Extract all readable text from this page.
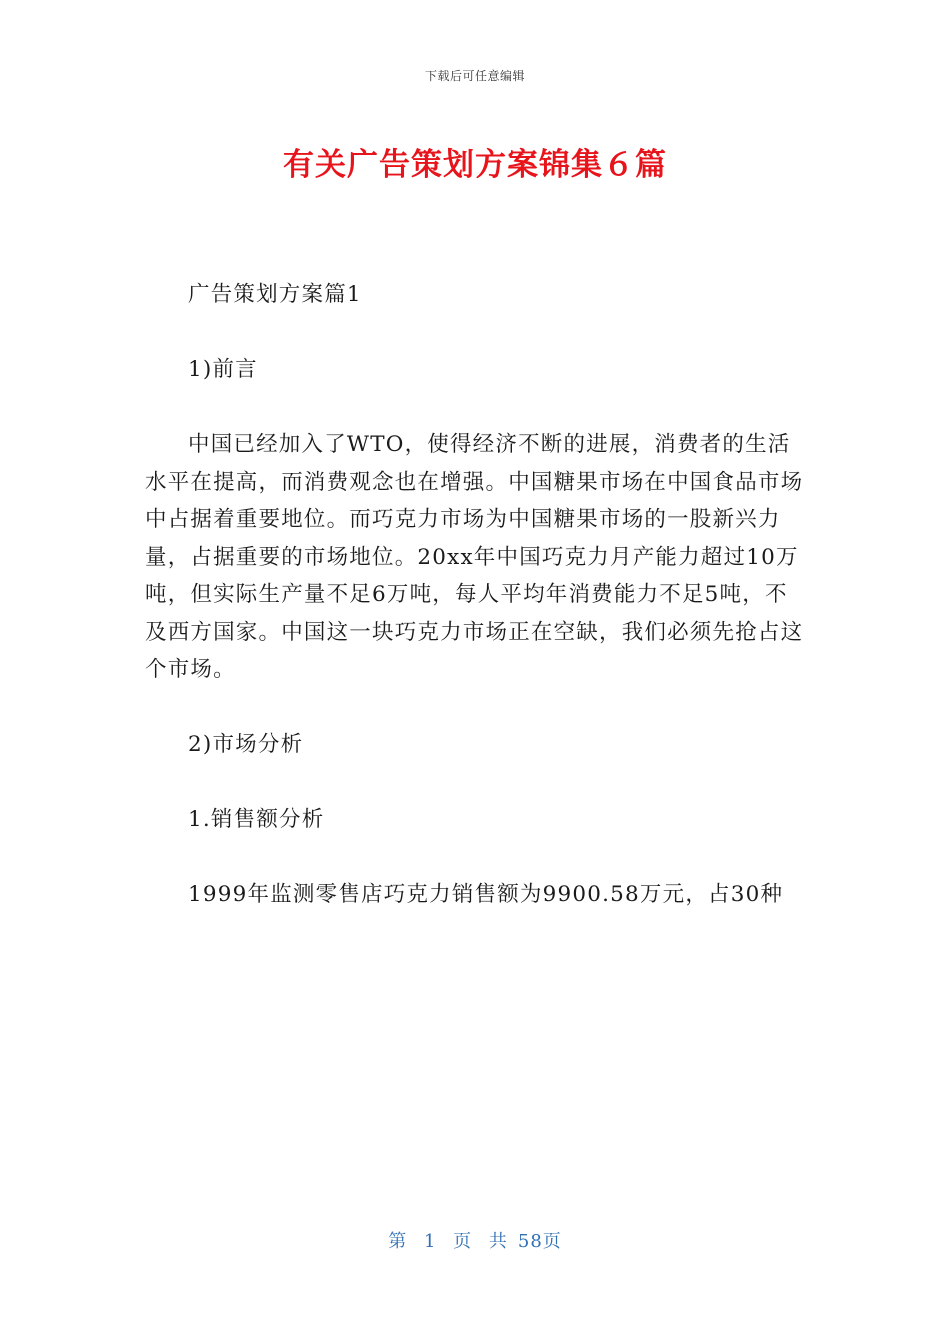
下载后可任意编辑
有关广告策划方案锦集６篇

广告策划方案篇1

1)前言

中国已经加入了WTO，使得经济不断的进展，消费者的生活水平在提高，而消费观念也在增强。中国糖果市场在中国食品市场中占据着重要地位。而巧克力市场为中国糖果市场的一股新兴力量，占据重要的市场地位。20xx年中国巧克力月产能力超过10万吨，但实际生产量不足6万吨，每人平均年消费能力不足5吨，不及西方国家。中国这一块巧克力市场正在空缺，我们必须先抢占这个市场。

2)市场分析

1.销售额分析

1999年监测零售店巧克力销售额为9900.58万元，占30种

第 1 页 共 58页
